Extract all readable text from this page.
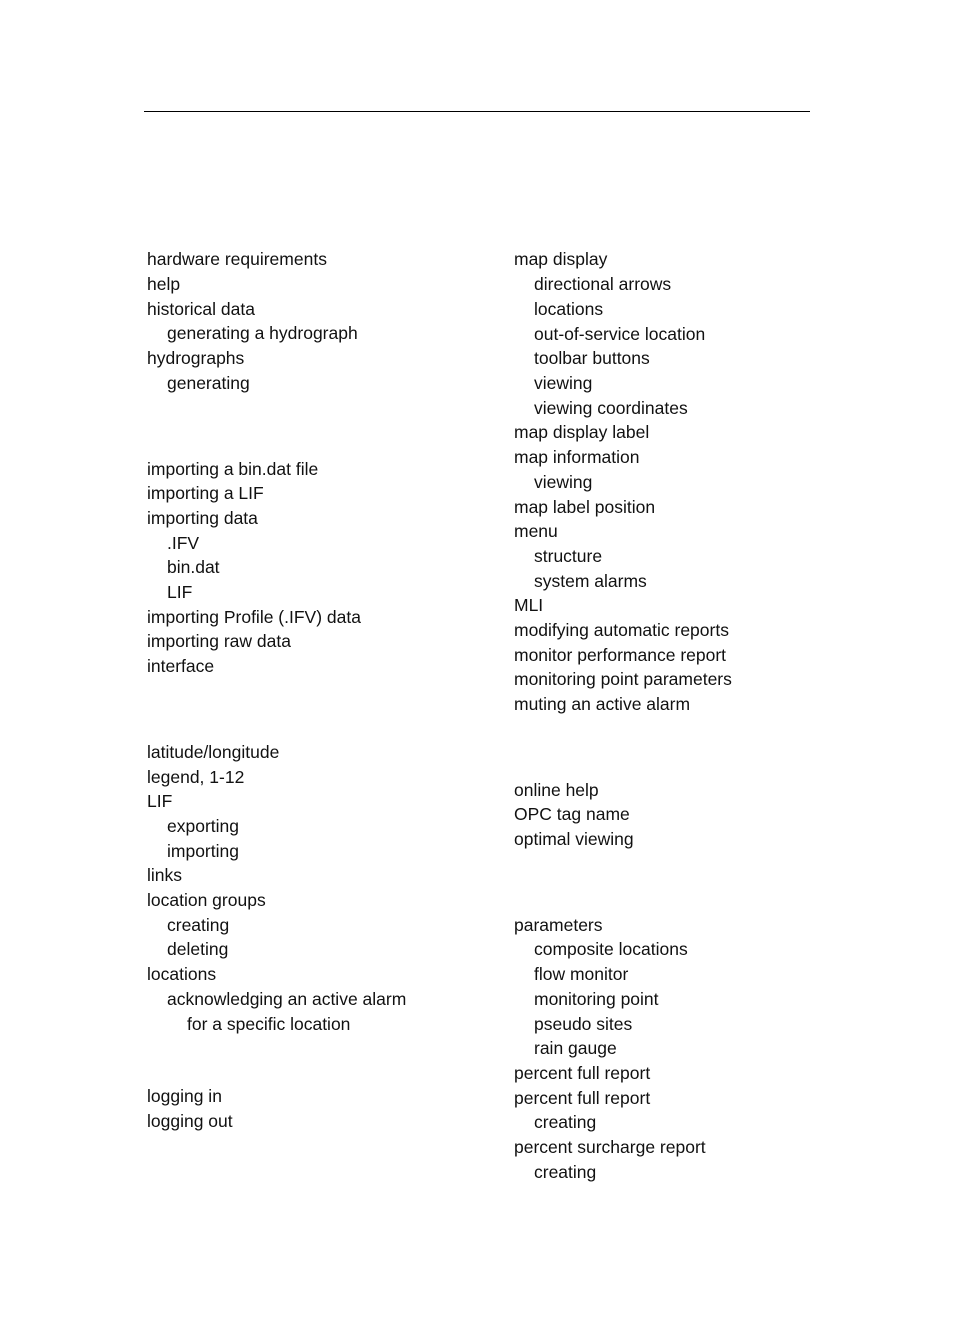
hardware requirements
help
historical data
generating a hydrograph
hydrographs
generating
importing a bin.dat file
importing a LIF
importing data
.IFV
bin.dat
LIF
importing Profile (.IFV) data
importing raw data
interface
latitude/longitude
legend, 1-12
LIF
exporting
importing
links
location groups
creating
deleting
locations
acknowledging an active alarm
for a specific location
logging in
logging out
map display
directional arrows
locations
out-of-service location
toolbar buttons
viewing
viewing coordinates
map display label
map information
viewing
map label position
menu
structure
system alarms
MLI
modifying automatic reports
monitor performance report
monitoring point parameters
muting an active alarm
online help
OPC tag name
optimal viewing
parameters
composite locations
flow monitor
monitoring point
pseudo sites
rain gauge
percent full report
percent full report
creating
percent surcharge report
creating
